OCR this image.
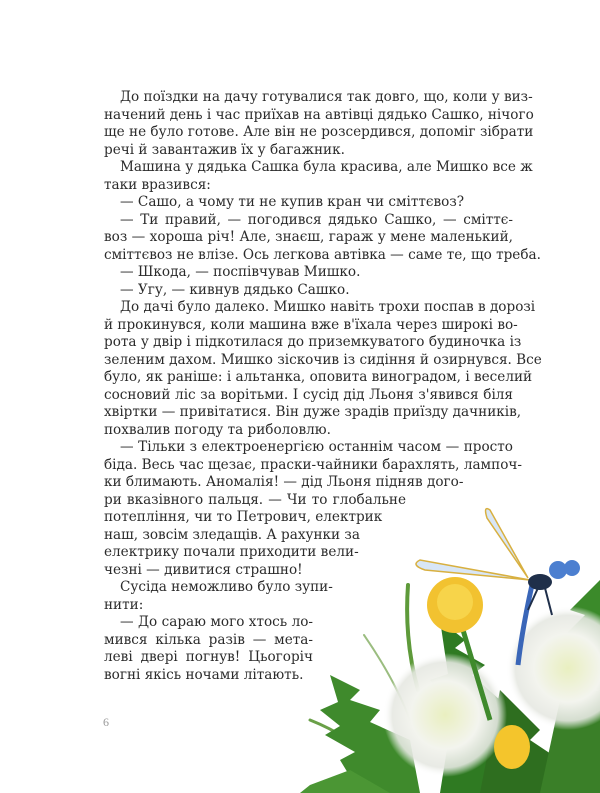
До поїздки на дачу готувалися так довго, що, коли у виз-
начений день і час приїхав на автівці дядько Сашко, нічого
ще не було готове. Але він не розсердився, допоміг зібрати
речі й завантажив їх у багажник.
Машина у дядька Сашка була красива, але Мишко все ж
таки вразився:
— Сашо, а чому ти не купив кран чи сміттєвоз?
— Ти правий, — погодився дядько Сашко, — сміттє-
воз — хороша річ! Але, знаєш, гараж у мене маленький,
сміттєвоз не влізе. Ось легкова автівка — саме те, що треба.
— Шкода, — поспівчував Мишко.
— Угу, — кивнув дядько Сашко.
До дачі було далеко. Мишко навіть трохи поспав в дорозі
й прокинувся, коли машина вже в'їхала через широкі во-
рота у двір і підкотилася до приземкуватого будиночка із
зеленим дахом. Мишко зіскочив із сидіння й озирнувся. Все
було, як раніше: і альтанка, оповита виноградом, і веселий
сосновий ліс за ворітьми. І сусід дід Льоня з'явився біля
хвіртки — привітатися. Він дуже зрадів приїзду дачників,
похвалив погоду та риболовлю.
— Тільки з електроенергією останнім часом — просто
біда. Весь час щезає, праски-чайники барахлять, лампоч-
ки блимають. Аномалія! — дід Льоня підняв дого-
ри вказівного пальця. — Чи то глобальне
потепління, чи то Петрович, електрик
наш, зовсім зледащів. А рахунки за
електрику почали приходити вели-
чезні — дивитися страшно!
Сусіда неможливо було зупи-
нити:
— До сараю мого хтось ло-
мився кілька разів — мета-
леві двері погнув! Цьогоріч
вогні якісь ночами літають.
6
